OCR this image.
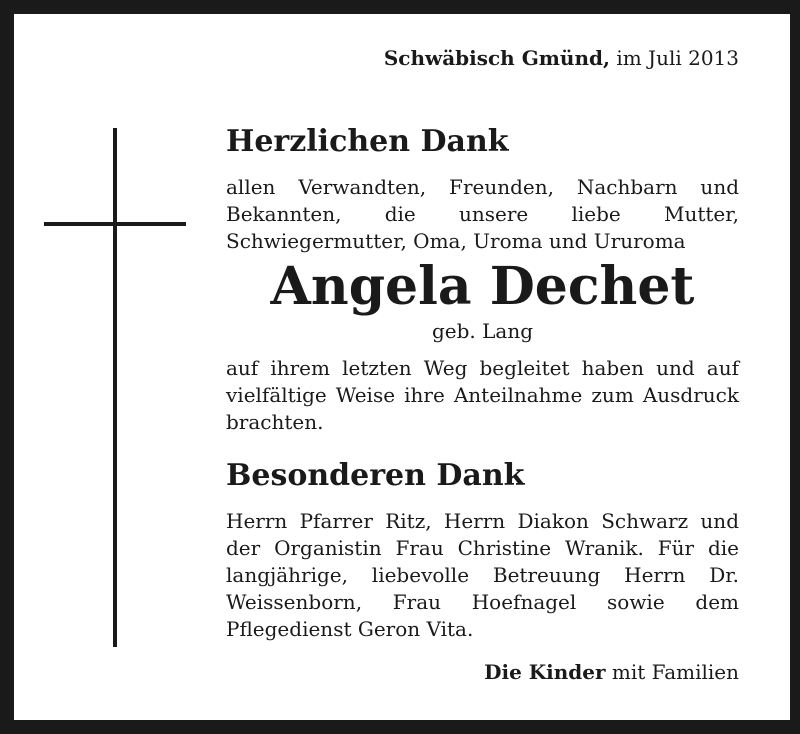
Schwäbisch Gmünd, im Juli 2013
Herzlichen Dank
allen Verwandten, Freunden, Nachbarn und Bekannten, die unsere liebe Mutter, Schwiegermutter, Oma, Uroma und Ururoma
Angela Dechet
geb. Lang
auf ihrem letzten Weg begleitet haben und auf vielfältige Weise ihre Anteilnahme zum Ausdruck brachten.
Besonderen Dank
Herrn Pfarrer Ritz, Herrn Diakon Schwarz und der Organistin Frau Christine Wranik. Für die langjährige, liebevolle Betreuung Herrn Dr. Weissenborn, Frau Hoefnagel sowie dem Pflegedienst Geron Vita.
Die Kinder mit Familien
